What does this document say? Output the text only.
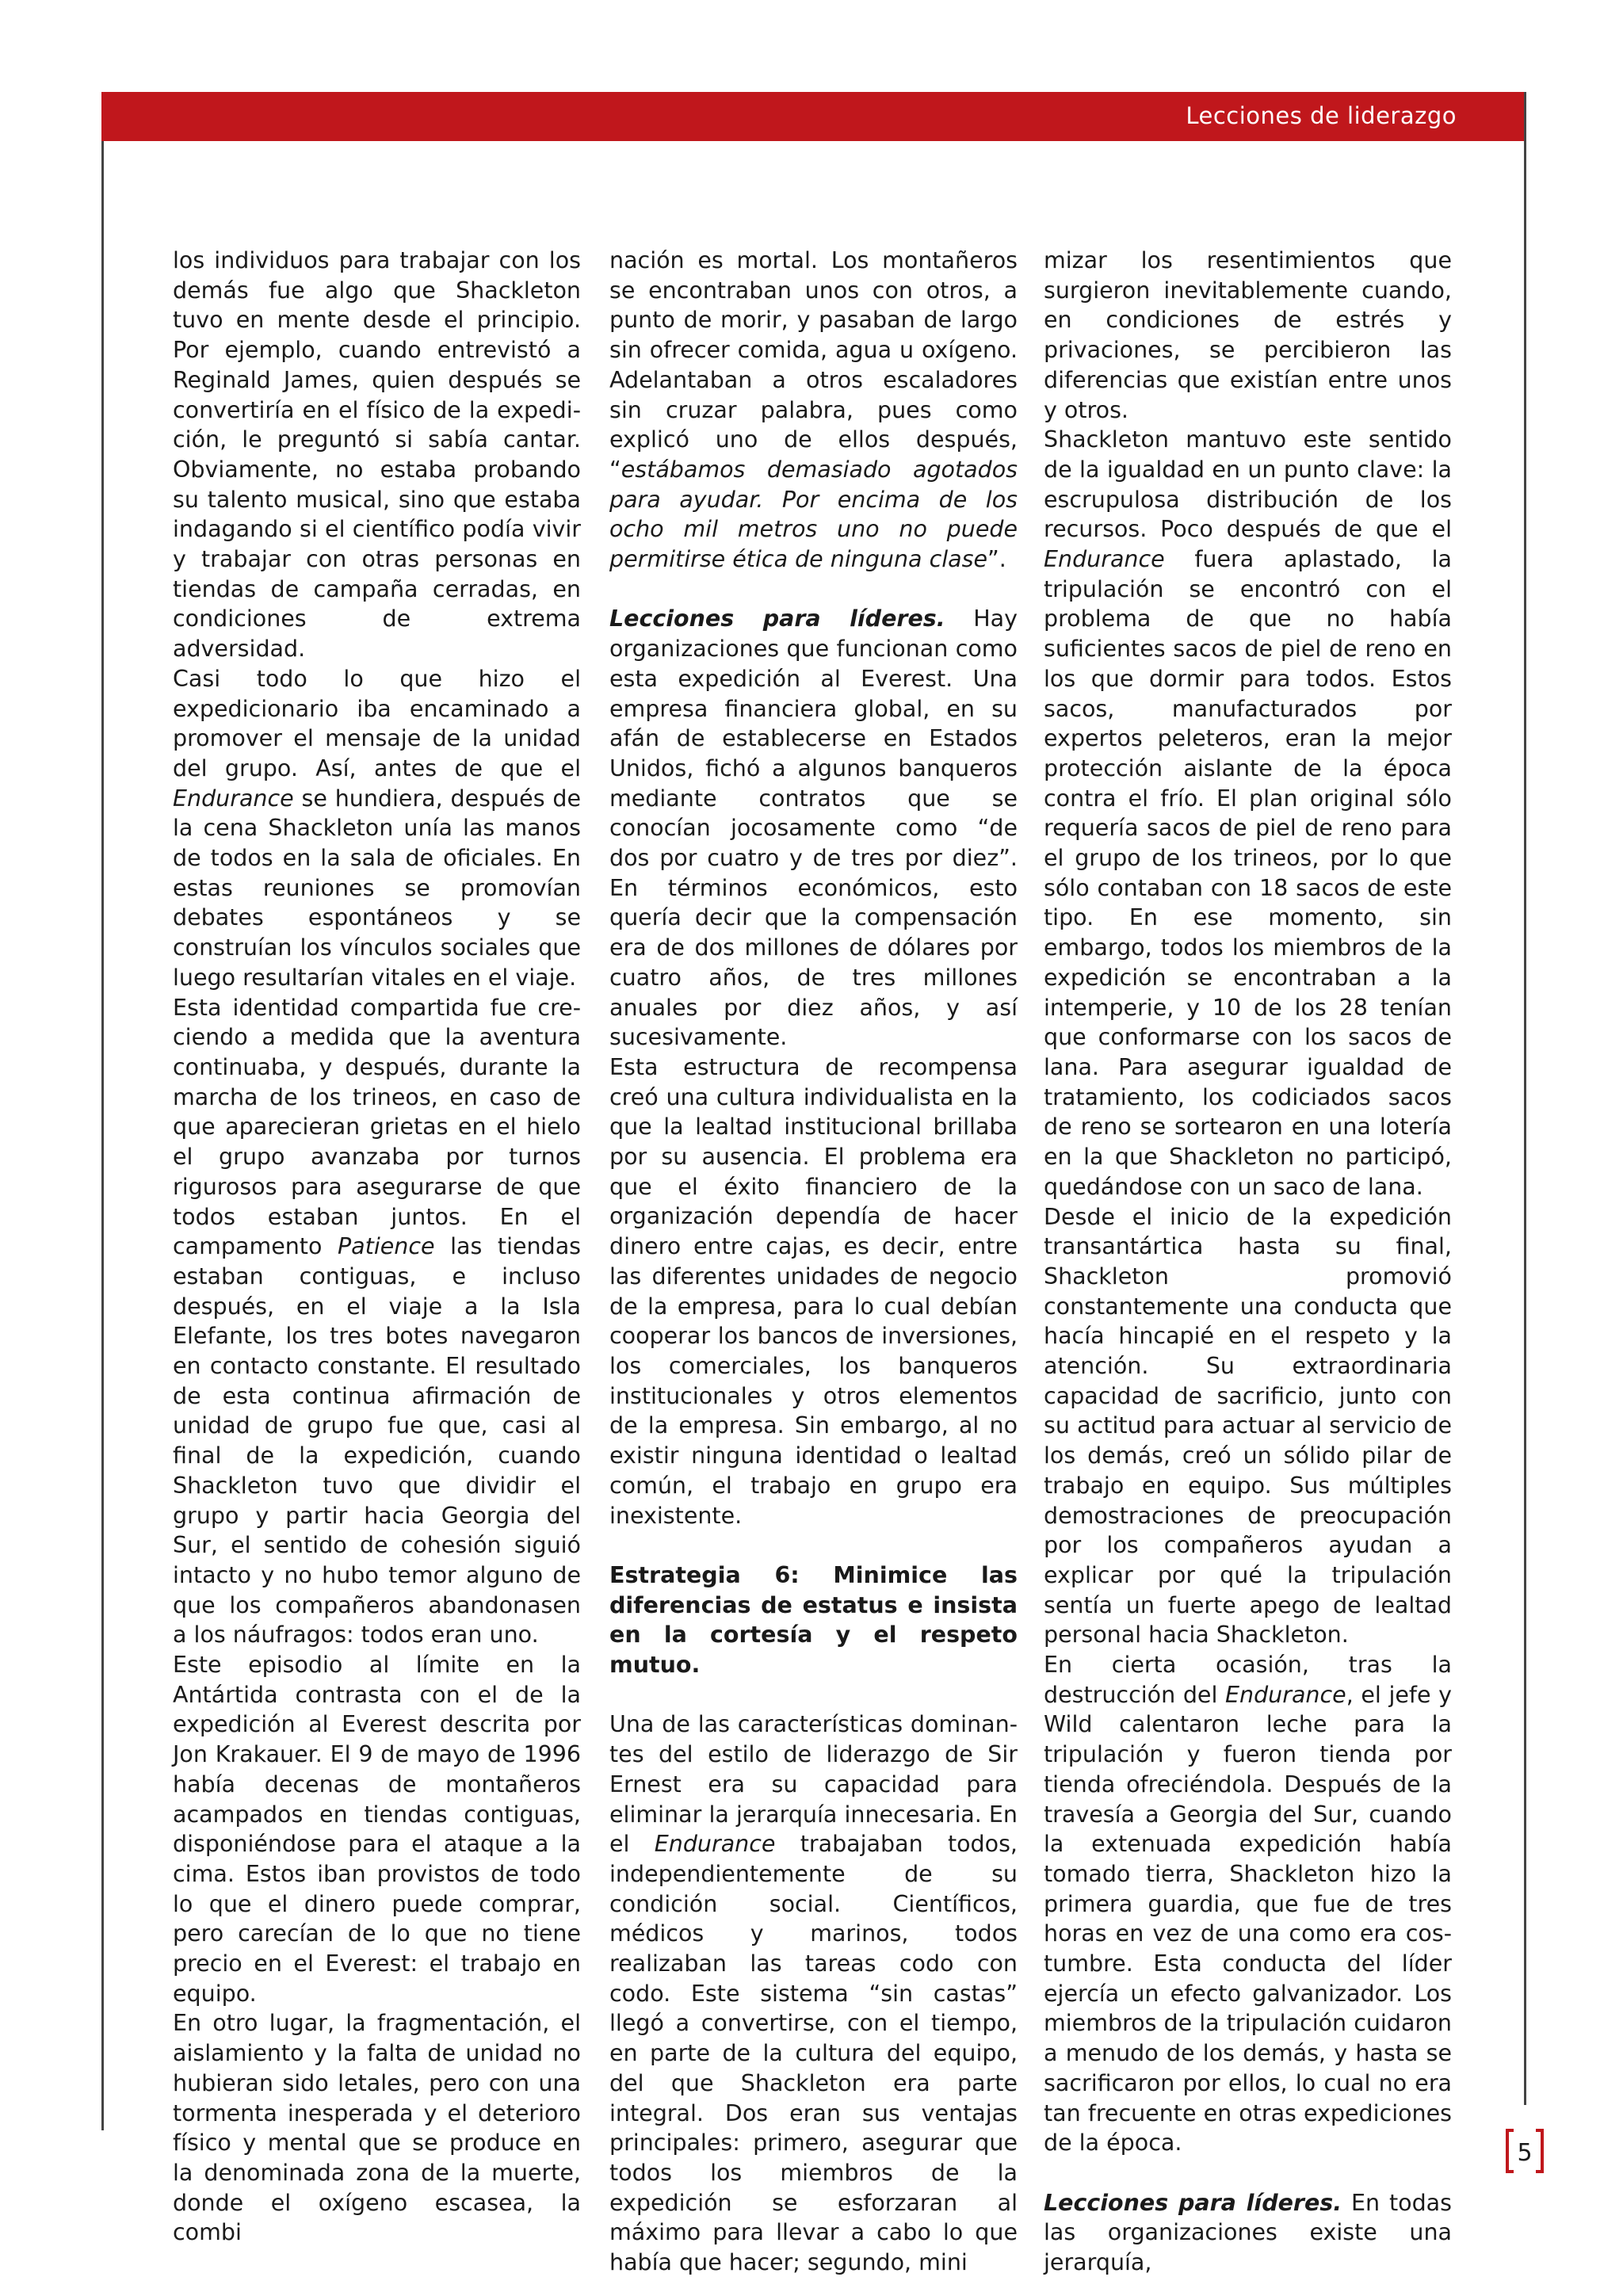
Lecciones de liderazgo

los individuos para trabajar con los demás fue algo que Shackleton tuvo en mente desde el principio. Por ejemplo, cuando entrevistó a Reginald James, quien después se convertiría en el físico de la expedición, le preguntó si sabía cantar. Obviamente, no estaba probando su talento musical, sino que estaba indagando si el científico podía vivir y trabajar con otras personas en tiendas de campaña cerradas, en condiciones de extrema adversidad.

Casi todo lo que hizo el expedicionario iba encaminado a promover el mensaje de la unidad del grupo. Así, antes de que el Endurance se hundiera, después de la cena Shackleton unía las manos de todos en la sala de oficiales. En estas reuniones se promovían debates espontáneos y se construían los vínculos sociales que luego resultarían vitales en el viaje.

Esta identidad compartida fue creciendo a medida que la aventura continuaba, y después, durante la marcha de los trineos, en caso de que aparecieran grietas en el hielo el grupo avanzaba por turnos rigurosos para asegurarse de que todos estaban juntos. En el campamento Patience las tiendas estaban contiguas, e incluso después, en el viaje a la Isla Elefante, los tres botes navegaron en contacto constante. El resultado de esta continua afirmación de unidad de grupo fue que, casi al final de la expedición, cuando Shackleton tuvo que dividir el grupo y partir hacia Georgia del Sur, el sentido de cohesión siguió intacto y no hubo temor alguno de que los compañeros abandonasen a los náufragos: todos eran uno.

Este episodio al límite en la Antártida contrasta con el de la expedición al Everest descrita por Jon Krakauer. El 9 de mayo de 1996 había decenas de montañeros acampados en tiendas contiguas, disponiéndose para el ataque a la cima. Estos iban provistos de todo lo que el dinero puede comprar, pero carecían de lo que no tiene precio en el Everest: el trabajo en equipo.

En otro lugar, la fragmentación, el aislamiento y la falta de unidad no hubieran sido letales, pero con una tormenta inesperada y el deterioro físico y mental que se produce en la denominada zona de la muerte, donde el oxígeno escasea, la combi

nación es mortal. Los montañeros se encontraban unos con otros, a punto de morir, y pasaban de largo sin ofrecer comida, agua u oxígeno. Adelantaban a otros escaladores sin cruzar palabra, pues como explicó uno de ellos después, “estábamos demasiado agotados para ayudar. Por encima de los ocho mil metros uno no puede permitirse ética de ninguna clase”.

Lecciones para líderes. Hay organizaciones que funcionan como esta expedición al Everest. Una empresa financiera global, en su afán de establecerse en Estados Unidos, fichó a algunos banqueros mediante contratos que se conocían jocosamente como “de dos por cuatro y de tres por diez”. En términos económicos, esto quería decir que la compensación era de dos millones de dólares por cuatro años, de tres millones anuales por diez años, y así sucesivamente.

Esta estructura de recompensa creó una cultura individualista en la que la lealtad institucional brillaba por su ausencia. El problema era que el éxito financiero de la organización dependía de hacer dinero entre cajas, es decir, entre las diferentes unidades de negocio de la empresa, para lo cual debían cooperar los bancos de inversiones, los comerciales, los banqueros institucionales y otros elementos de la empresa. Sin embargo, al no existir ninguna identidad o lealtad común, el trabajo en grupo era inexistente.

Estrategia 6: Minimice las diferencias de estatus e insista en la cortesía y el respeto mutuo.

Una de las características dominantes del estilo de liderazgo de Sir Ernest era su capacidad para eliminar la jerarquía innecesaria. En el Endurance trabajaban todos, independientemente de su condición social. Científicos, médicos y marinos, todos realizaban las tareas codo con codo. Este sistema “sin castas” llegó a convertirse, con el tiempo, en parte de la cultura del equipo, del que Shackleton era parte integral. Dos eran sus ventajas principales: primero, asegurar que todos los miembros de la expedición se esforzaran al máximo para llevar a cabo lo que había que hacer; segundo, mini

mizar los resentimientos que surgieron inevitablemente cuando, en condiciones de estrés y privaciones, se percibieron las diferencias que existían entre unos y otros.

Shackleton mantuvo este sentido de la igualdad en un punto clave: la escrupulosa distribución de los recursos. Poco después de que el Endurance fuera aplastado, la tripulación se encontró con el problema de que no había suficientes sacos de piel de reno en los que dormir para todos. Estos sacos, manufacturados por expertos peleteros, eran la mejor protección aislante de la época contra el frío. El plan original sólo requería sacos de piel de reno para el grupo de los trineos, por lo que sólo contaban con 18 sacos de este tipo. En ese momento, sin embargo, todos los miembros de la expedición se encontraban a la intemperie, y 10 de los 28 tenían que conformarse con los sacos de lana. Para asegurar igualdad de tratamiento, los codiciados sacos de reno se sortearon en una lotería en la que Shackleton no participó, quedándose con un saco de lana.

Desde el inicio de la expedición transantártica hasta su final, Shackleton promovió constantemente una conducta que hacía hincapié en el respeto y la atención. Su extraordinaria capacidad de sacrificio, junto con su actitud para actuar al servicio de los demás, creó un sólido pilar de trabajo en equipo. Sus múltiples demostraciones de preocupación por los compañeros ayudan a explicar por qué la tripulación sentía un fuerte apego de lealtad personal hacia Shackleton.

En cierta ocasión, tras la destrucción del Endurance, el jefe y Wild calentaron leche para la tripulación y fueron tienda por tienda ofreciéndola. Después de la travesía a Georgia del Sur, cuando la extenuada expedición había tomado tierra, Shackleton hizo la primera guardia, que fue de tres horas en vez de una como era costumbre. Esta conducta del líder ejercía un efecto galvanizador. Los miembros de la tripulación cuidaron a menudo de los demás, y hasta se sacrificaron por ellos, lo cual no era tan frecuente en otras expediciones de la época.

Lecciones para líderes. En todas las organizaciones existe una jerarquía,

5
